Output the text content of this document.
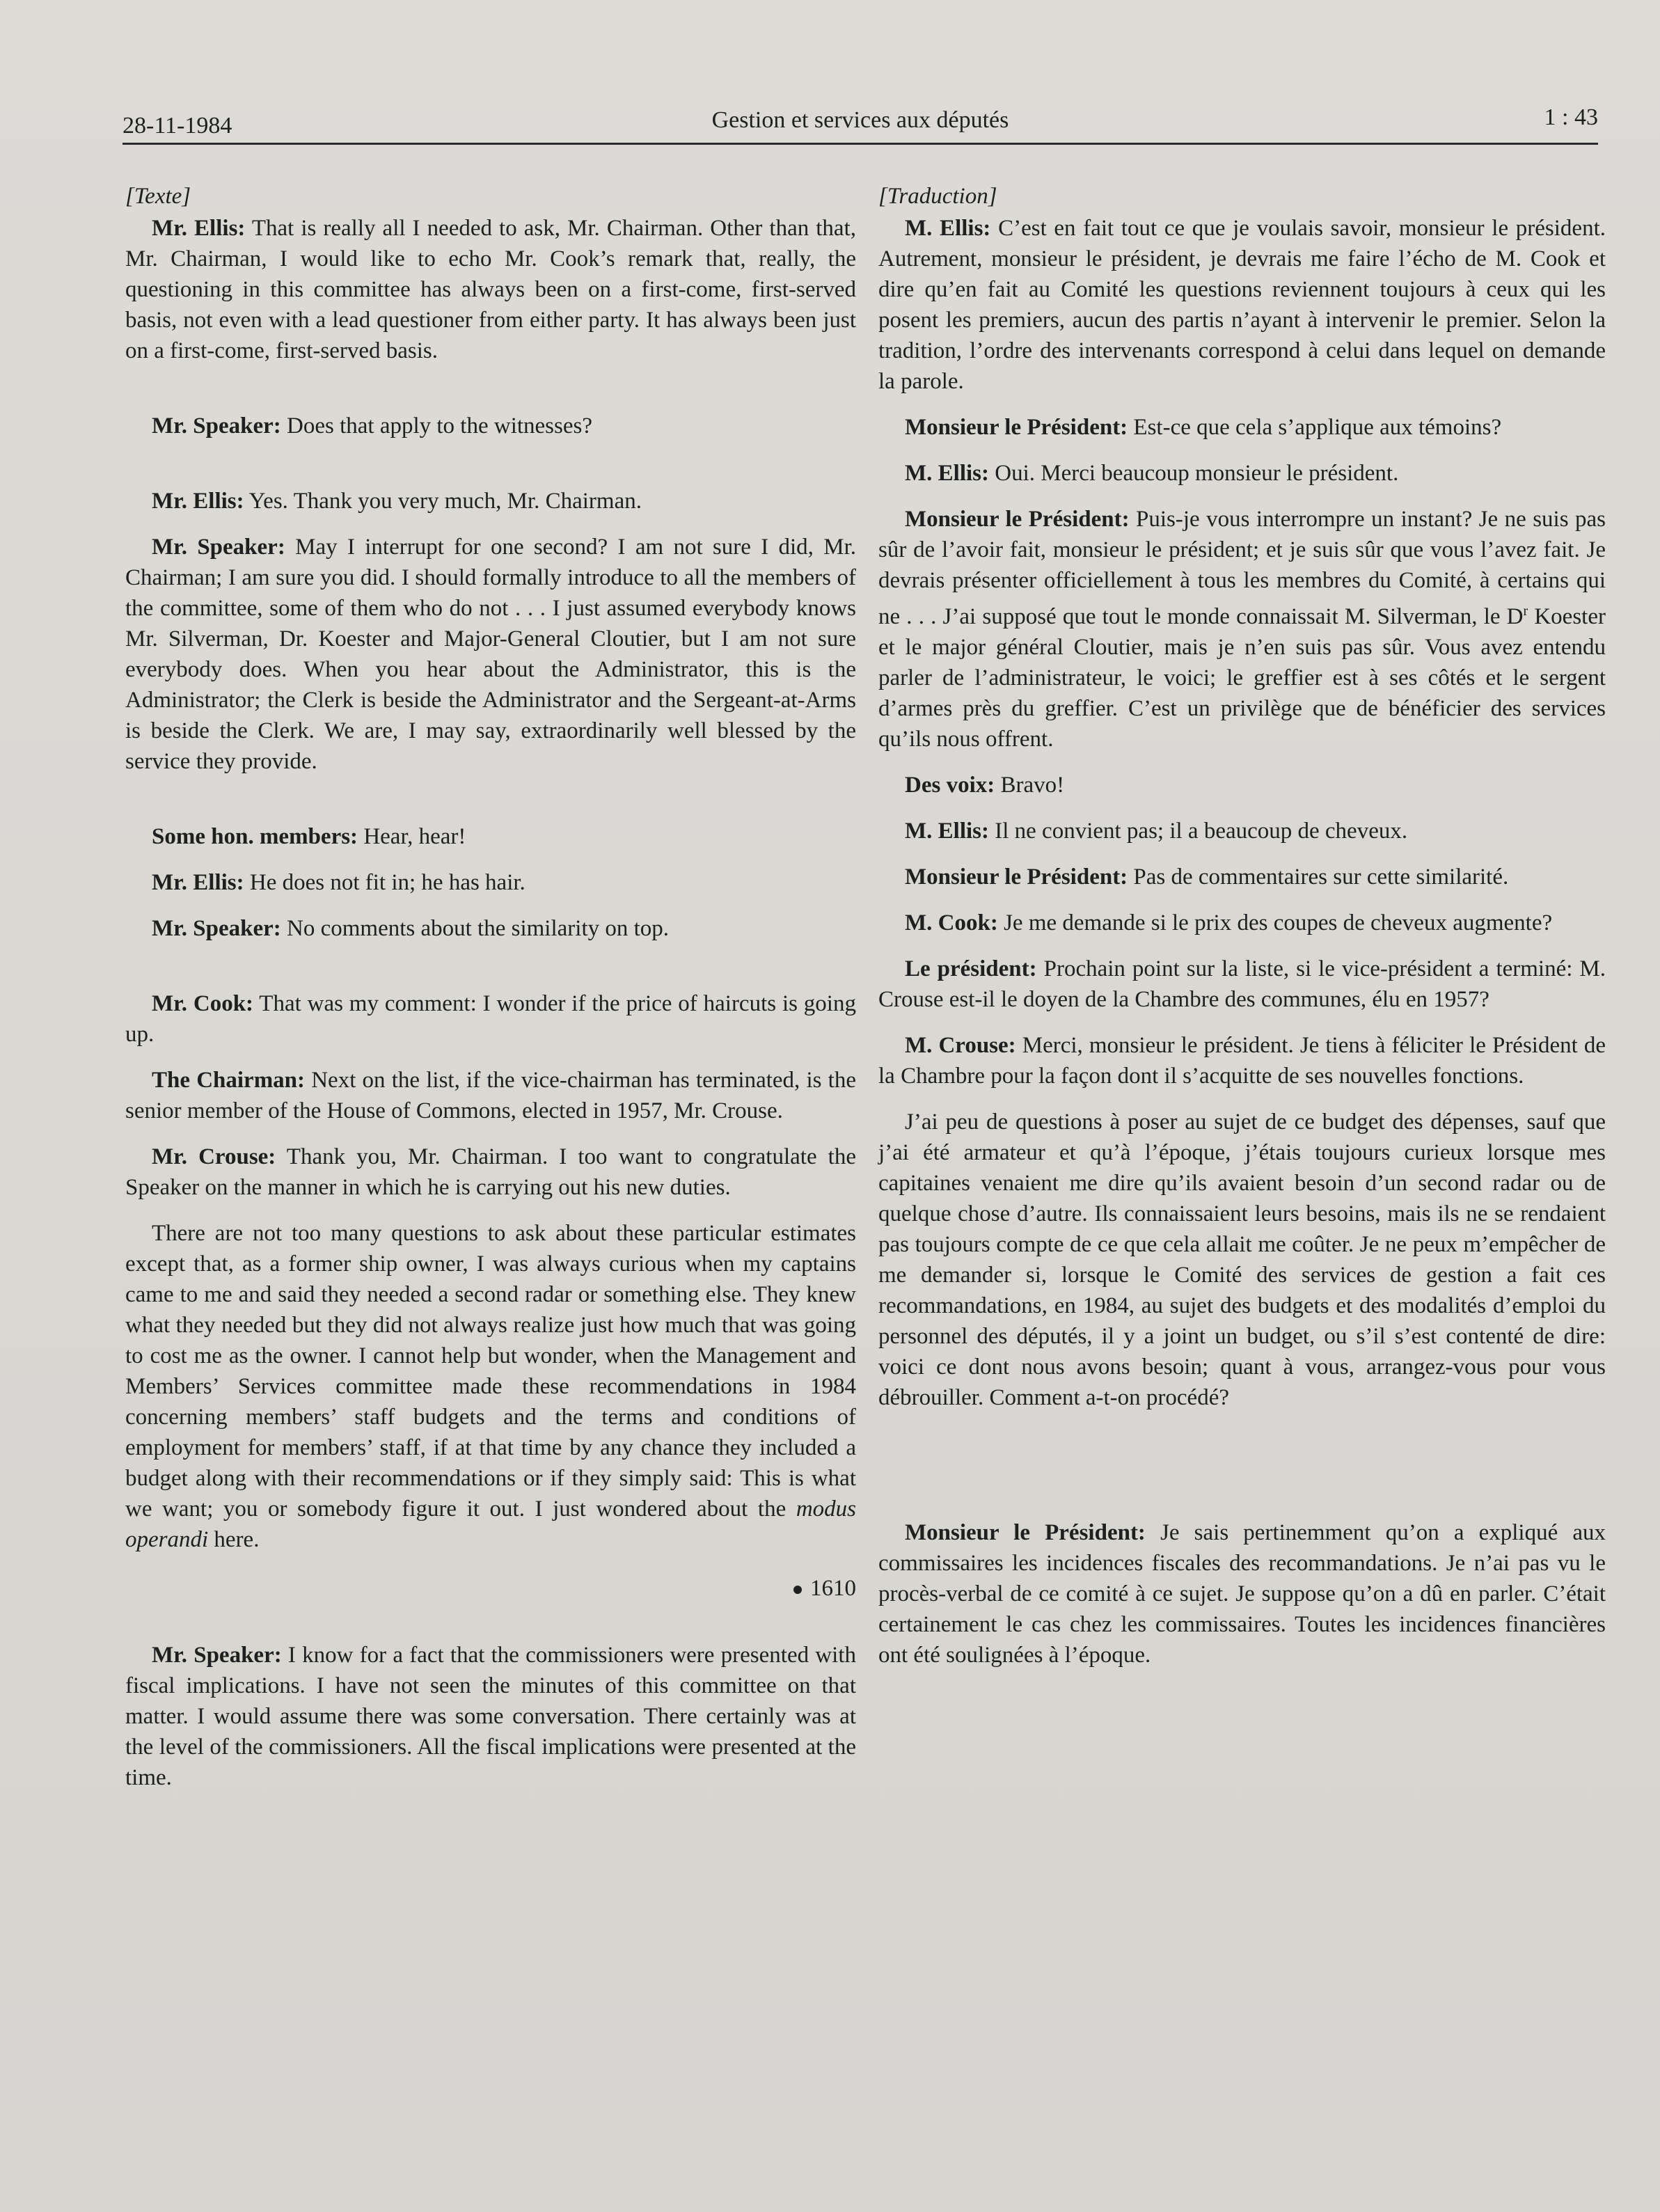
28-11-1984	Gestion et services aux députés	1 : 43

[Texte]

Mr. Ellis: That is really all I needed to ask, Mr. Chairman. Other than that, Mr. Chairman, I would like to echo Mr. Cook’s remark that, really, the questioning in this committee has always been on a first-come, first-served basis, not even with a lead questioner from either party. It has always been just on a first-come, first-served basis.

Mr. Speaker: Does that apply to the witnesses?

Mr. Ellis: Yes. Thank you very much, Mr. Chairman.

Mr. Speaker: May I interrupt for one second? I am not sure I did, Mr. Chairman; I am sure you did. I should formally introduce to all the members of the committee, some of them who do not . . . I just assumed everybody knows Mr. Silverman, Dr. Koester and Major-General Cloutier, but I am not sure everybody does. When you hear about the Administrator, this is the Administrator; the Clerk is beside the Administrator and the Sergeant-at-Arms is beside the Clerk. We are, I may say, extraordinarily well blessed by the service they provide.

Some hon. members: Hear, hear!

Mr. Ellis: He does not fit in; he has hair.

Mr. Speaker: No comments about the similarity on top.

Mr. Cook: That was my comment: I wonder if the price of haircuts is going up.

The Chairman: Next on the list, if the vice-chairman has terminated, is the senior member of the House of Commons, elected in 1957, Mr. Crouse.

Mr. Crouse: Thank you, Mr. Chairman. I too want to congratulate the Speaker on the manner in which he is carrying out his new duties.

There are not too many questions to ask about these particular estimates except that, as a former ship owner, I was always curious when my captains came to me and said they needed a second radar or something else. They knew what they needed but they did not always realize just how much that was going to cost me as the owner. I cannot help but wonder, when the Management and Members’ Services committee made these recommendations in 1984 concerning members’ staff budgets and the terms and conditions of employment for members’ staff, if at that time by any chance they included a budget along with their recommendations or if they simply said: This is what we want; you or somebody figure it out. I just wondered about the modus operandi here.

1610

Mr. Speaker: I know for a fact that the commissioners were presented with fiscal implications. I have not seen the minutes of this committee on that matter. I would assume there was some conversation. There certainly was at the level of the commissioners. All the fiscal implications were presented at the time.

[Traduction]

M. Ellis: C’est en fait tout ce que je voulais savoir, monsieur le président. Autrement, monsieur le président, je devrais me faire l’écho de M. Cook et dire qu’en fait au Comité les questions reviennent toujours à ceux qui les posent les premiers, aucun des partis n’ayant à intervenir le premier. Selon la tradition, l’ordre des intervenants correspond à celui dans lequel on demande la parole.

Monsieur le Président: Est-ce que cela s’applique aux témoins?

M. Ellis: Oui. Merci beaucoup monsieur le président.

Monsieur le Président: Puis-je vous interrompre un instant? Je ne suis pas sûr de l’avoir fait, monsieur le président; et je suis sûr que vous l’avez fait. Je devrais présenter officiellement à tous les membres du Comité, à certains qui ne . . . J’ai supposé que tout le monde connaissait M. Silverman, le $D^r$ Koester et le major général Cloutier, mais je n’en suis pas sûr. Vous avez entendu parler de l’administrateur, le voici; le greffier est à ses côtés et le sergent d’armes près du greffier. C’est un privilège que de bénéficier des services qu’ils nous offrent.

Des voix: Bravo!

M. Ellis: Il ne convient pas; il a beaucoup de cheveux.

Monsieur le Président: Pas de commentaires sur cette similarité.

M. Cook: Je me demande si le prix des coupes de cheveux augmente?

Le président: Prochain point sur la liste, si le vice-président a terminé: M. Crouse est-il le doyen de la Chambre des communes, élu en 1957?

M. Crouse: Merci, monsieur le président. Je tiens à féliciter le Président de la Chambre pour la façon dont il s’acquitte de ses nouvelles fonctions.

J’ai peu de questions à poser au sujet de ce budget des dépenses, sauf que j’ai été armateur et qu’à l’époque, j’étais toujours curieux lorsque mes capitaines venaient me dire qu’ils avaient besoin d’un second radar ou de quelque chose d’autre. Ils connaissaient leurs besoins, mais ils ne se rendaient pas toujours compte de ce que cela allait me coûter. Je ne peux m’empêcher de me demander si, lorsque le Comité des services de gestion a fait ces recommandations, en 1984, au sujet des budgets et des modalités d’emploi du personnel des députés, il y a joint un budget, ou s’il s’est contenté de dire: voici ce dont nous avons besoin; quant à vous, arrangez-vous pour vous débrouiller. Comment a-t-on procédé?

Monsieur le Président: Je sais pertinemment qu’on a expliqué aux commissaires les incidences fiscales des recommandations. Je n’ai pas vu le procès-verbal de ce comité à ce sujet. Je suppose qu’on a dû en parler. C’était certainement le cas chez les commissaires. Toutes les incidences financières ont été soulignées à l’époque.
